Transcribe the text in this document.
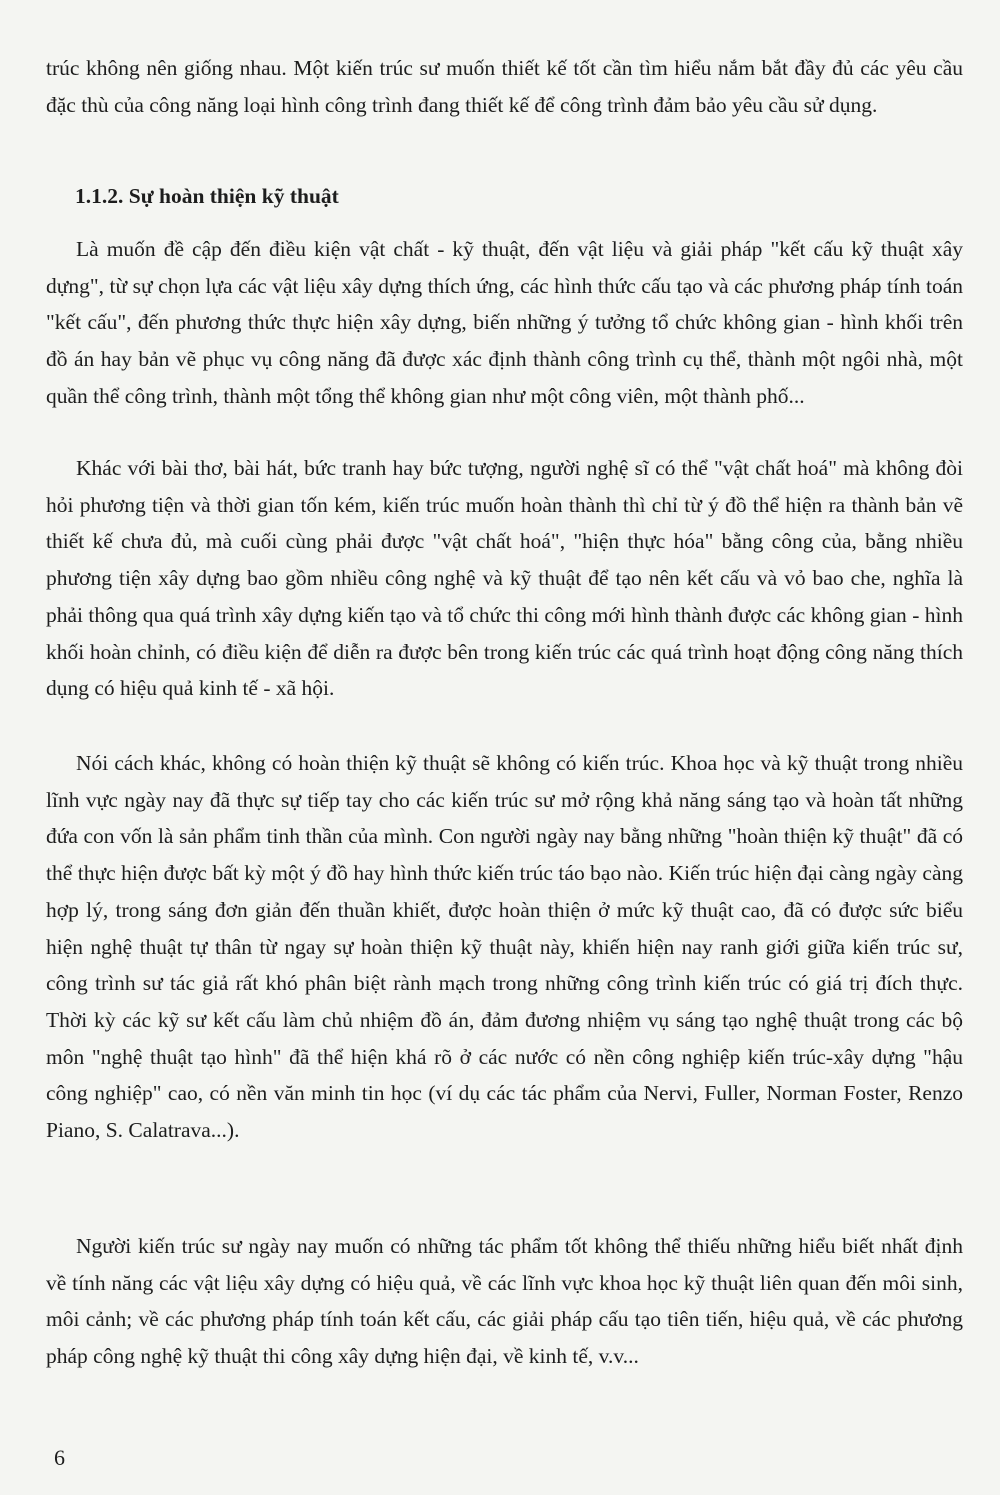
trúc không nên giống nhau. Một kiến trúc sư muốn thiết kế tốt cần tìm hiểu nắm bắt đầy đủ các yêu cầu đặc thù của công năng loại hình công trình đang thiết kế để công trình đảm bảo yêu cầu sử dụng.

1.1.2. Sự hoàn thiện kỹ thuật

Là muốn đề cập đến điều kiện vật chất - kỹ thuật, đến vật liệu và giải pháp "kết cấu kỹ thuật xây dựng", từ sự chọn lựa các vật liệu xây dựng thích ứng, các hình thức cấu tạo và các phương pháp tính toán "kết cấu", đến phương thức thực hiện xây dựng, biến những ý tưởng tổ chức không gian - hình khối trên đồ án hay bản vẽ phục vụ công năng đã được xác định thành công trình cụ thể, thành một ngôi nhà, một quần thể công trình, thành một tổng thể không gian như một công viên, một thành phố...

Khác với bài thơ, bài hát, bức tranh hay bức tượng, người nghệ sĩ có thể "vật chất hoá" mà không đòi hỏi phương tiện và thời gian tốn kém, kiến trúc muốn hoàn thành thì chỉ từ ý đồ thể hiện ra thành bản vẽ thiết kế chưa đủ, mà cuối cùng phải được "vật chất hoá", "hiện thực hóa" bằng công của, bằng nhiều phương tiện xây dựng bao gồm nhiều công nghệ và kỹ thuật để tạo nên kết cấu và vỏ bao che, nghĩa là phải thông qua quá trình xây dựng kiến tạo và tổ chức thi công mới hình thành được các không gian - hình khối hoàn chỉnh, có điều kiện để diễn ra được bên trong kiến trúc các quá trình hoạt động công năng thích dụng có hiệu quả kinh tế - xã hội.

Nói cách khác, không có hoàn thiện kỹ thuật sẽ không có kiến trúc. Khoa học và kỹ thuật trong nhiều lĩnh vực ngày nay đã thực sự tiếp tay cho các kiến trúc sư mở rộng khả năng sáng tạo và hoàn tất những đứa con vốn là sản phẩm tinh thần của mình. Con người ngày nay bằng những "hoàn thiện kỹ thuật" đã có thể thực hiện được bất kỳ một ý đồ hay hình thức kiến trúc táo bạo nào. Kiến trúc hiện đại càng ngày càng hợp lý, trong sáng đơn giản đến thuần khiết, được hoàn thiện ở mức kỹ thuật cao, đã có được sức biểu hiện nghệ thuật tự thân từ ngay sự hoàn thiện kỹ thuật này, khiến hiện nay ranh giới giữa kiến trúc sư, công trình sư tác giả rất khó phân biệt rành mạch trong những công trình kiến trúc có giá trị đích thực. Thời kỳ các kỹ sư kết cấu làm chủ nhiệm đồ án, đảm đương nhiệm vụ sáng tạo nghệ thuật trong các bộ môn "nghệ thuật tạo hình" đã thể hiện khá rõ ở các nước có nền công nghiệp kiến trúc-xây dựng "hậu công nghiệp" cao, có nền văn minh tin học (ví dụ các tác phẩm của Nervi, Fuller, Norman Foster, Renzo Piano, S. Calatrava...).

Người kiến trúc sư ngày nay muốn có những tác phẩm tốt không thể thiếu những hiểu biết nhất định về tính năng các vật liệu xây dựng có hiệu quả, về các lĩnh vực khoa học kỹ thuật liên quan đến môi sinh, môi cảnh; về các phương pháp tính toán kết cấu, các giải pháp cấu tạo tiên tiến, hiệu quả, về các phương pháp công nghệ kỹ thuật thi công xây dựng hiện đại, về kinh tế, v.v...

6
